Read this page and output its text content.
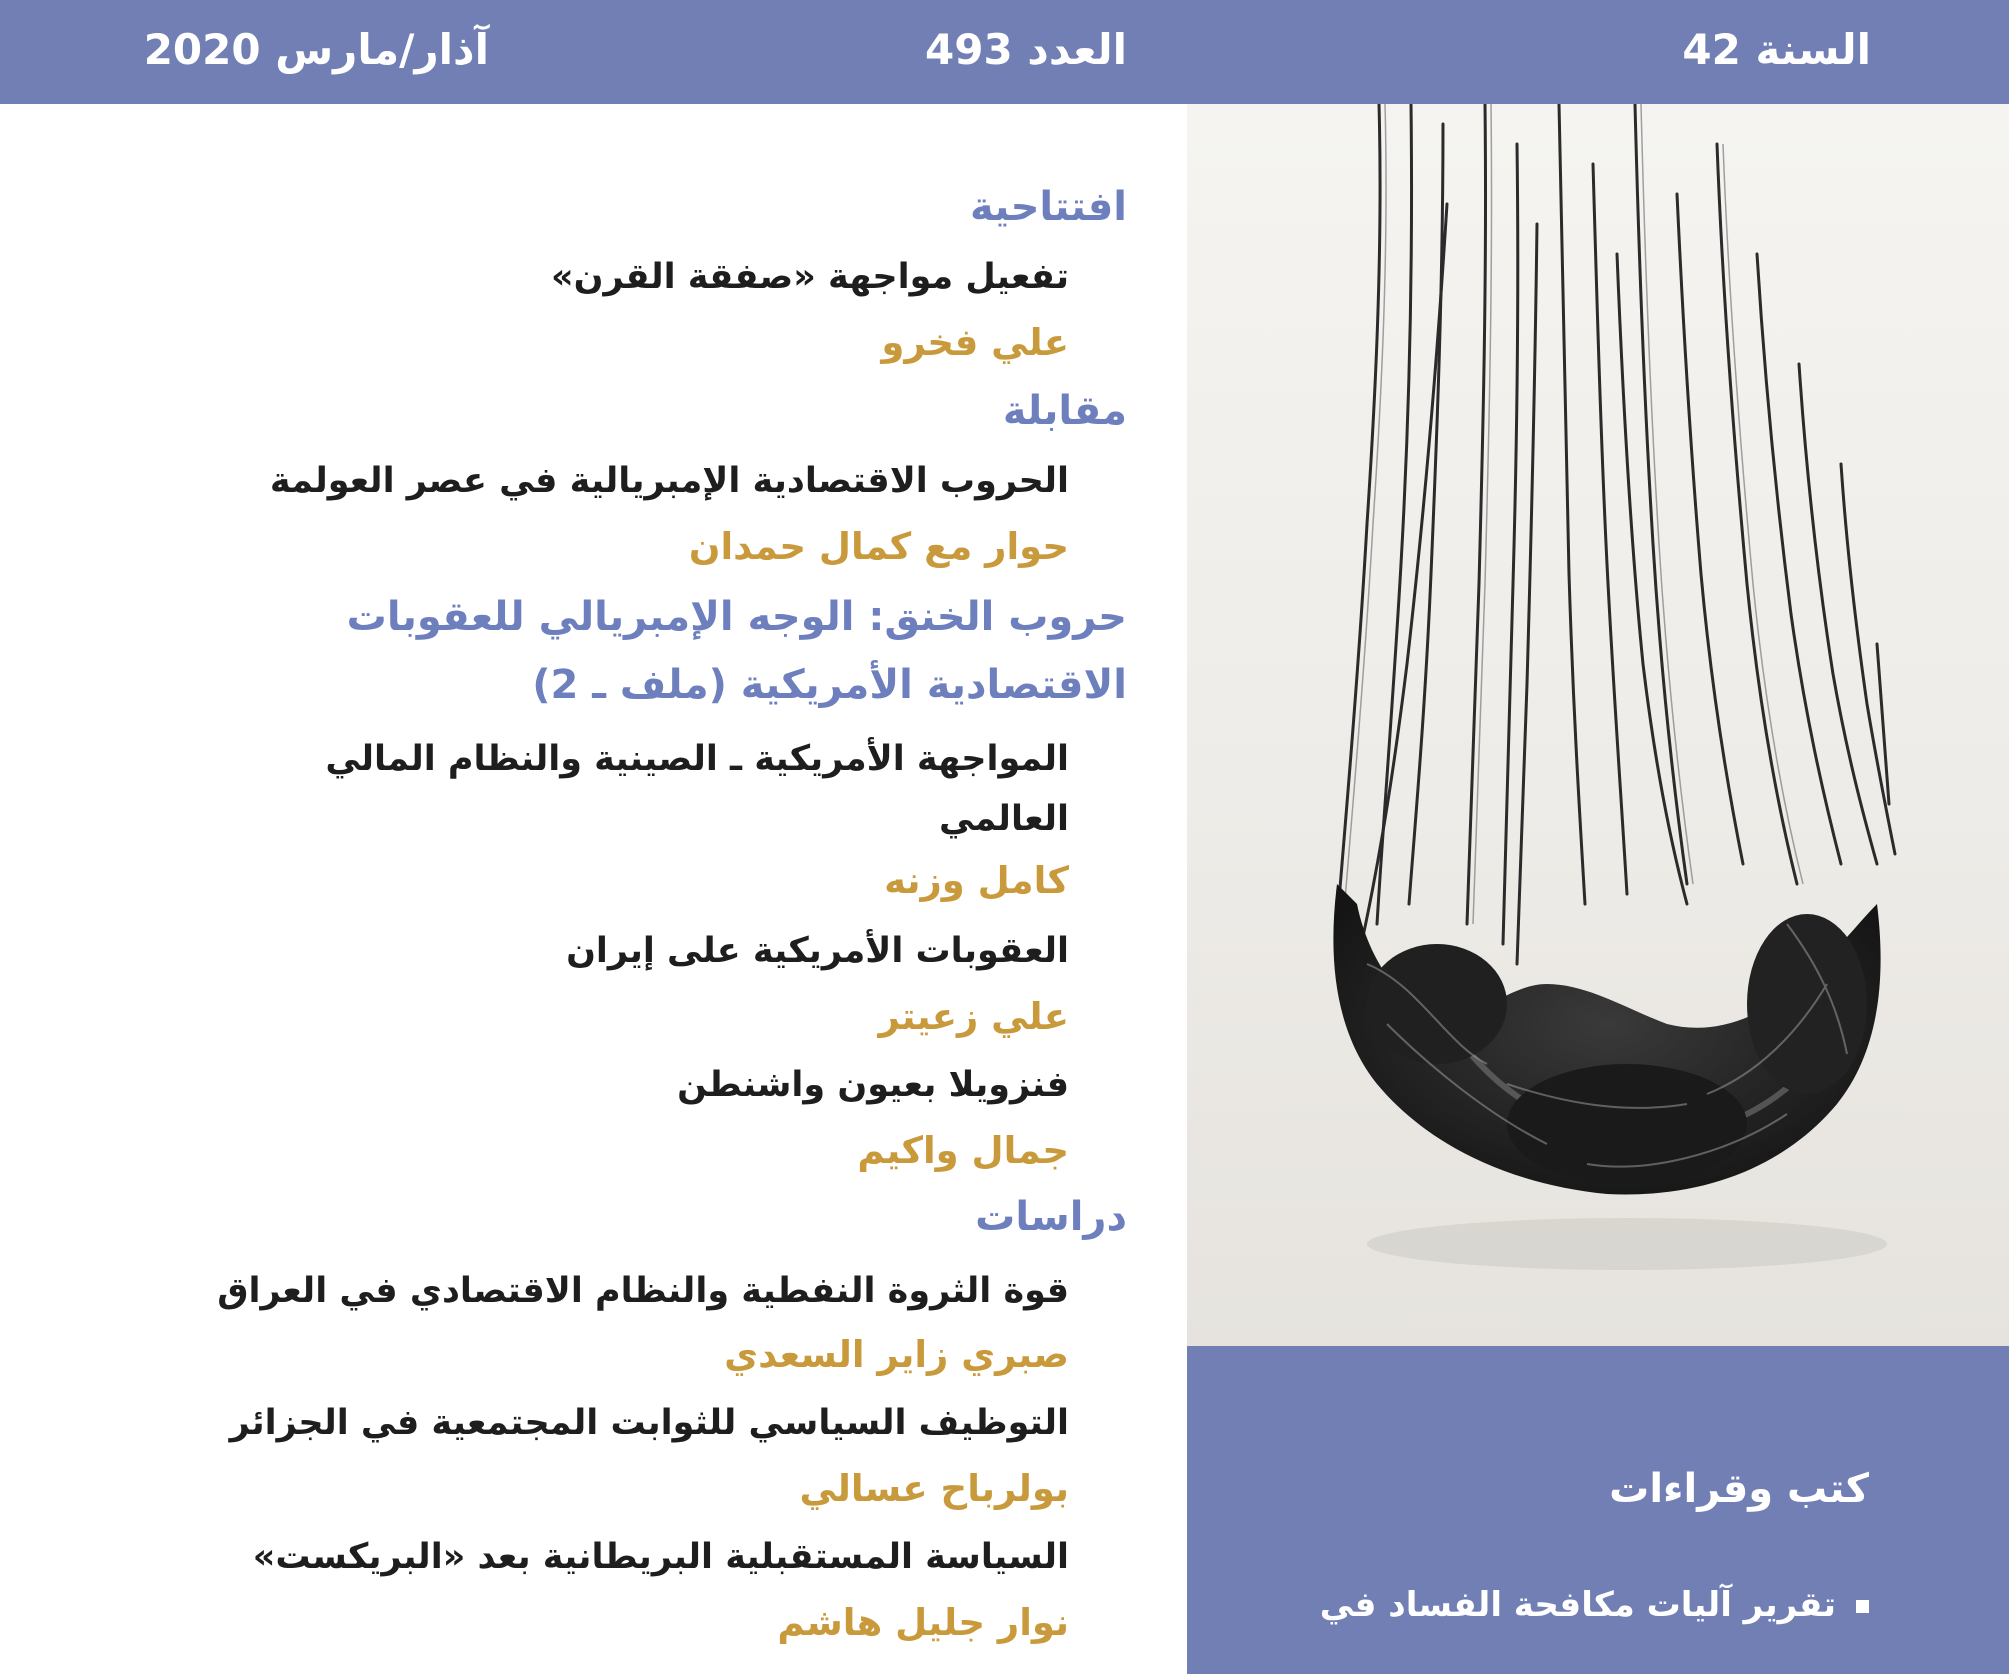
السنة 42
العدد 493
آذار/مارس 2020
افتتاحية
تفعيل مواجهة «صفقة القرن»
علي فخرو
مقابلة
الحروب الاقتصادية الإمبريالية في عصر العولمة
حوار مع كمال حمدان
حروب الخنق: الوجه الإمبريالي للعقوبات
الاقتصادية الأمريكية (ملف ـ 2)
المواجهة الأمريكية ـ الصينية والنظام المالي
العالمي
كامل وزنه
العقوبات الأمريكية على إيران
علي زعيتر
فنزويلا بعيون واشنطن
جمال واكيم
دراسات
قوة الثروة النفطية والنظام الاقتصادي في العراق
صبري زاير السعدي
التوظيف السياسي للثوابت المجتمعية في الجزائر
بولرباح عسالي
السياسة المستقبلية البريطانية بعد «البريكست»
نوار جليل هاشم
كتب وقراءات
تقرير آليات مكافحة الفساد في
